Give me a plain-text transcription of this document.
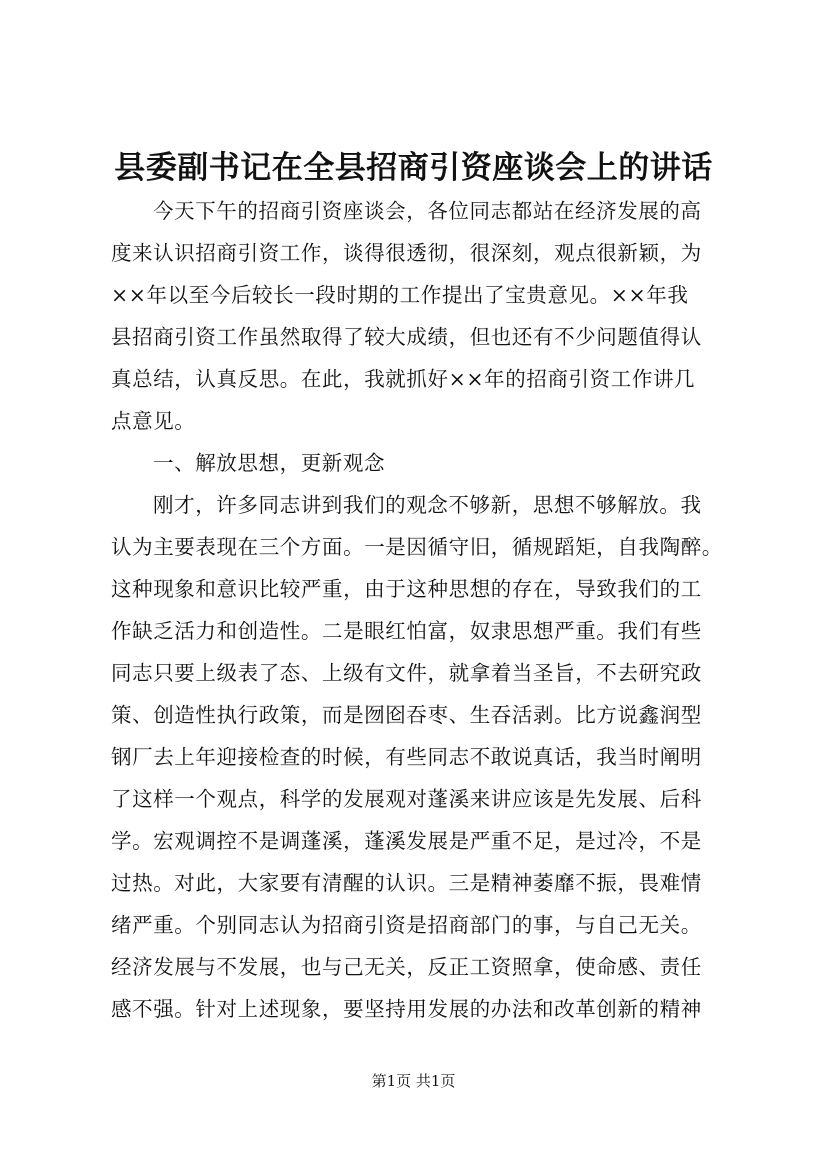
县委副书记在全县招商引资座谈会上的讲话
今天下午的招商引资座谈会，各位同志都站在经济发展的高
度来认识招商引资工作，谈得很透彻，很深刻，观点很新颖，为
××年以至今后较长一段时期的工作提出了宝贵意见。××年我
县招商引资工作虽然取得了较大成绩，但也还有不少问题值得认
真总结，认真反思。在此，我就抓好××年的招商引资工作讲几
点意见。
一、解放思想，更新观念
刚才，许多同志讲到我们的观念不够新，思想不够解放。我
认为主要表现在三个方面。一是因循守旧，循规蹈矩，自我陶醉。
这种现象和意识比较严重，由于这种思想的存在，导致我们的工
作缺乏活力和创造性。二是眼红怕富，奴隶思想严重。我们有些
同志只要上级表了态、上级有文件，就拿着当圣旨，不去研究政
策、创造性执行政策，而是囫囵吞枣、生吞活剥。比方说鑫润型
钢厂去上年迎接检查的时候，有些同志不敢说真话，我当时阐明
了这样一个观点，科学的发展观对蓬溪来讲应该是先发展、后科
学。宏观调控不是调蓬溪，蓬溪发展是严重不足，是过冷，不是
过热。对此，大家要有清醒的认识。三是精神萎靡不振，畏难情
绪严重。个别同志认为招商引资是招商部门的事，与自己无关。
经济发展与不发展，也与己无关，反正工资照拿，使命感、责任
感不强。针对上述现象，要坚持用发展的办法和改革创新的精神
第1页 共1页
